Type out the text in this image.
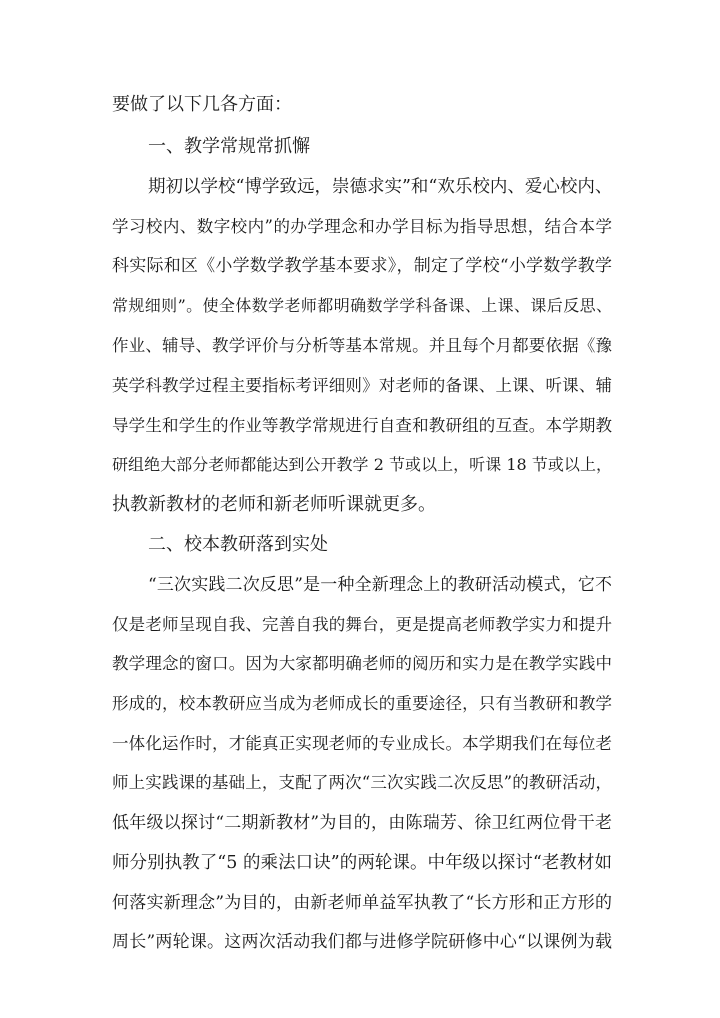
要做了以下几各方面：
一、教学常规常抓懈
期初以学校“博学致远，崇德求实”和“欢乐校内、爱心校内、
学习校内、数字校内”的办学理念和办学目标为指导思想，结合本学
科实际和区《小学数学教学基本要求》，制定了学校“小学数学教学
常规细则”。使全体数学老师都明确数学学科备课、上课、课后反思、
作业、辅导、教学评价与分析等基本常规。并且每个月都要依据《豫
英学科教学过程主要指标考评细则》对老师的备课、上课、听课、辅
导学生和学生的作业等教学常规进行自查和教研组的互查。本学期教
研组绝大部分老师都能达到公开教学 2 节或以上，听课 18 节或以上，
执教新教材的老师和新老师听课就更多。
二、校本教研落到实处
“三次实践二次反思”是一种全新理念上的教研活动模式，它不
仅是老师呈现自我、完善自我的舞台，更是提高老师教学实力和提升
教学理念的窗口。因为大家都明确老师的阅历和实力是在教学实践中
形成的，校本教研应当成为老师成长的重要途径，只有当教研和教学
一体化运作时，才能真正实现老师的专业成长。本学期我们在每位老
师上实践课的基础上，支配了两次“三次实践二次反思”的教研活动，
低年级以探讨“二期新教材”为目的，由陈瑞芳、徐卫红两位骨干老
师分别执教了“5 的乘法口诀”的两轮课。中年级以探讨“老教材如
何落实新理念”为目的，由新老师单益军执教了“长方形和正方形的
周长”两轮课。这两次活动我们都与进修学院研修中心“以课例为载
